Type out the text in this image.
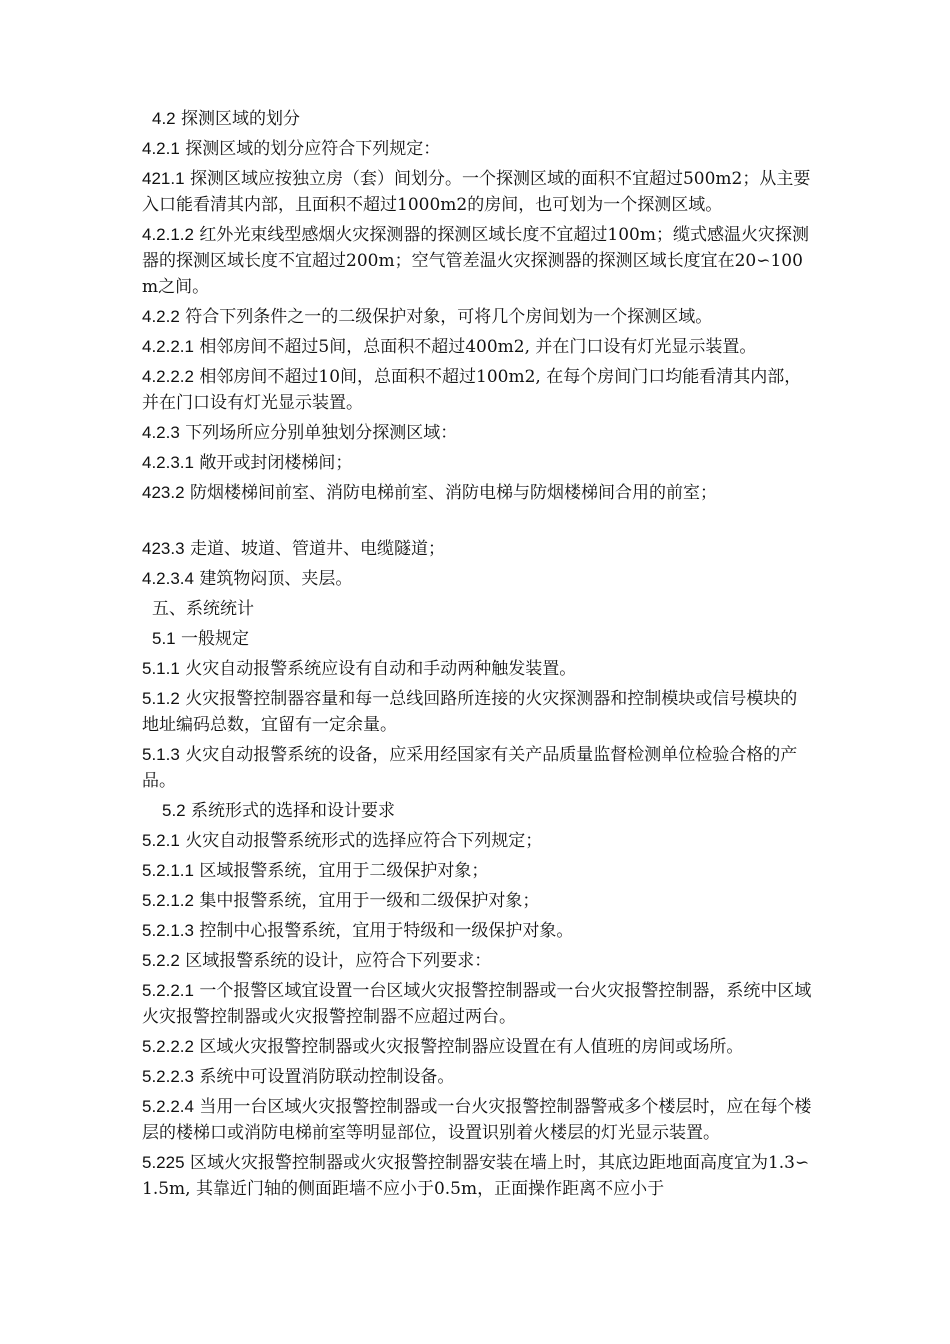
4.2 探测区域的划分

4.2.1 探测区域的划分应符合下列规定：

421.1 探测区域应按独立房（套）间划分。一个探测区域的面积不宜超过500m2；从主要入口能看清其内部，且面积不超过1000m2的房间，也可划为一个探测区域。

4.2.1.2 红外光束线型感烟火灾探测器的探测区域长度不宜超过100m；缆式感温火灾探测器的探测区域长度不宜超过200m；空气管差温火灾探测器的探测区域长度宜在20∽100m之间。

4.2.2 符合下列条件之一的二级保护对象，可将几个房间划为一个探测区域。

4.2.2.1 相邻房间不超过5间，总面积不超过400m2, 并在门口设有灯光显示装置。

4.2.2.2 相邻房间不超过10间，总面积不超过100m2, 在每个房间门口均能看清其内部，并在门口设有灯光显示装置。

4.2.3 下列场所应分别单独划分探测区域：

4.2.3.1 敞开或封闭楼梯间；

423.2 防烟楼梯间前室、消防电梯前室、消防电梯与防烟楼梯间合用的前室；

423.3 走道、坡道、管道井、电缆隧道；

4.2.3.4 建筑物闷顶、夹层。

五、系统统计

5.1 一般规定

5.1.1 火灾自动报警系统应设有自动和手动两种触发装置。

5.1.2 火灾报警控制器容量和每一总线回路所连接的火灾探测器和控制模块或信号模块的地址编码总数，宜留有一定余量。

5.1.3 火灾自动报警系统的设备，应采用经国家有关产品质量监督检测单位检验合格的产品。

5.2 系统形式的选择和设计要求

5.2.1 火灾自动报警系统形式的选择应符合下列规定；

5.2.1.1 区域报警系统，宜用于二级保护对象；

5.2.1.2 集中报警系统，宜用于一级和二级保护对象；

5.2.1.3 控制中心报警系统，宜用于特级和一级保护对象。

5.2.2 区域报警系统的设计，应符合下列要求：

5.2.2.1 一个报警区域宜设置一台区域火灾报警控制器或一台火灾报警控制器，系统中区域火灾报警控制器或火灾报警控制器不应超过两台。

5.2.2.2 区域火灾报警控制器或火灾报警控制器应设置在有人值班的房间或场所。

5.2.2.3 系统中可设置消防联动控制设备。

5.2.2.4 当用一台区域火灾报警控制器或一台火灾报警控制器警戒多个楼层时，应在每个楼层的楼梯口或消防电梯前室等明显部位，设置识别着火楼层的灯光显示装置。

5.225 区域火灾报警控制器或火灾报警控制器安装在墙上时，其底边距地面高度宜为1.3∽1.5m, 其靠近门轴的侧面距墙不应小于0.5m，正面操作距离不应小于
